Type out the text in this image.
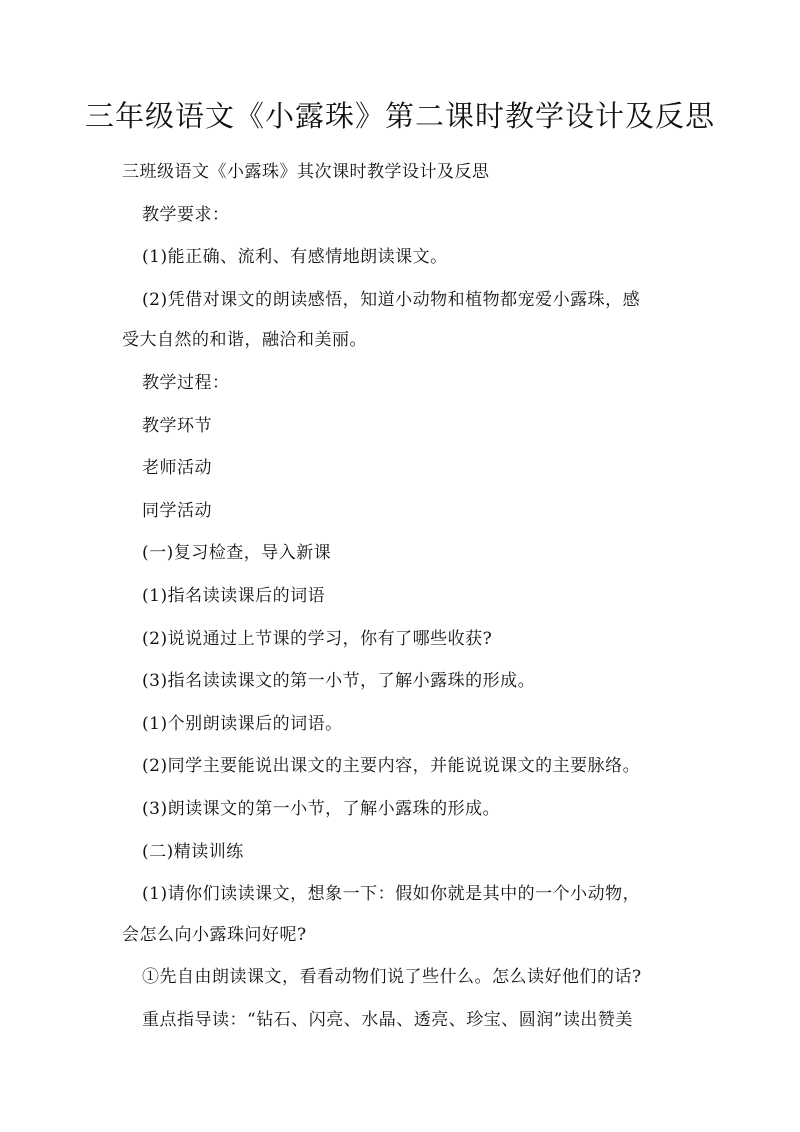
三年级语文《小露珠》第二课时教学设计及反思

三班级语文《小露珠》其次课时教学设计及反思

教学要求：

(1)能正确、流利、有感情地朗读课文。

(2)凭借对课文的朗读感悟，知道小动物和植物都宠爱小露珠，感

受大自然的和谐，融洽和美丽。

教学过程：

教学环节

老师活动

同学活动

(一)复习检查，导入新课

(1)指名读读课后的词语

(2)说说通过上节课的学习，你有了哪些收获?

(3)指名读读课文的第一小节，了解小露珠的形成。

(1)个别朗读课后的词语。

(2)同学主要能说出课文的主要内容，并能说说课文的主要脉络。

(3)朗读课文的第一小节，了解小露珠的形成。

(二)精读训练

(1)请你们读读课文，想象一下：假如你就是其中的一个小动物，

会怎么向小露珠问好呢?

①先自由朗读课文，看看动物们说了些什么。怎么读好他们的话?

重点指导读：“钻石、闪亮、水晶、透亮、珍宝、圆润”读出赞美
